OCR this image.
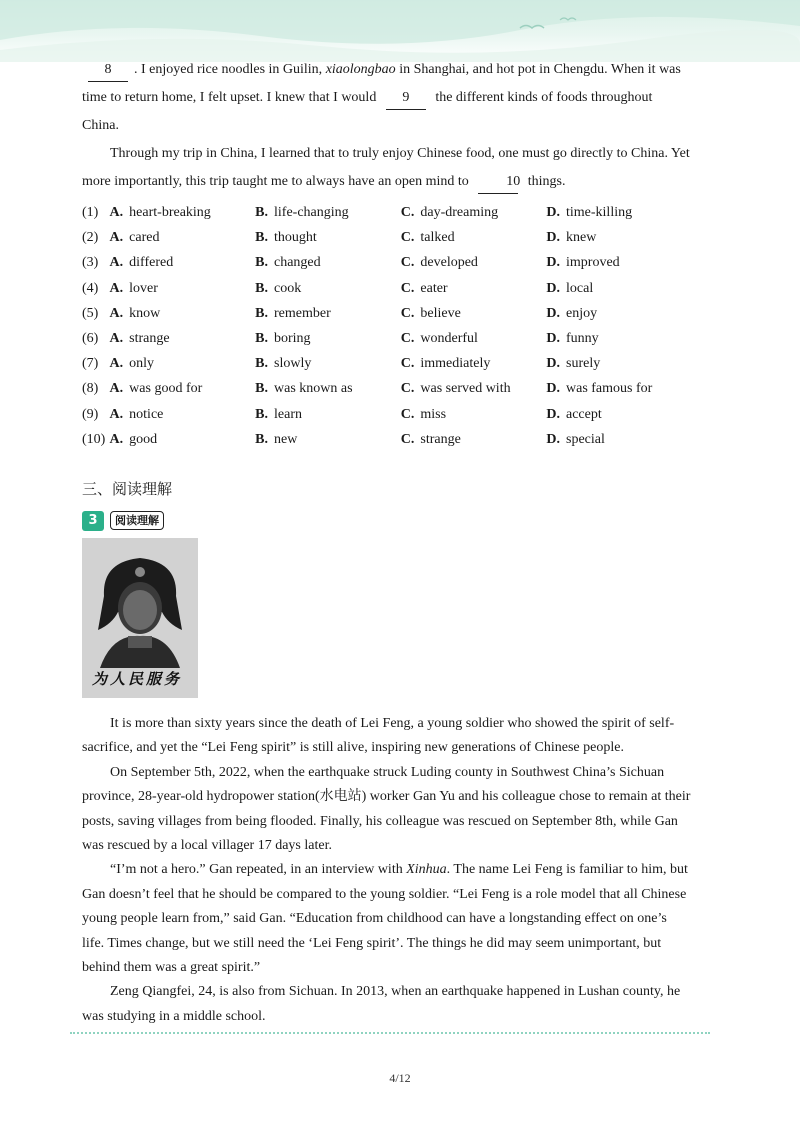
8 . I enjoyed rice noodles in Guilin, xiaolongbao in Shanghai, and hot pot in Chengdu. When it was time to return home, I felt upset. I knew that I would 9 the different kinds of foods throughout China.

Through my trip in China, I learned that to truly enjoy Chinese food, one must go directly to China. Yet more importantly, this trip taught me to always have an open mind to	10 things.

(1) A. heart-breaking	B. life-changing	C. day-dreaming	D. time-killing
(2) A. cared	B. thought	C. talked	D. knew
(3) A. differed	B. changed	C. developed	D. improved
(4) A. lover	B. cook	C. eater	D. local
(5) A. know	B. remember	C. believe	D. enjoy
(6) A. strange	B. boring	C. wonderful	D. funny
(7) A. only	B. slowly	C. immediately	D. surely
(8) A. was good for	B. was known as	C. was served with	D. was famous for
(9) A. notice	B. learn	C. miss	D. accept
(10) A. good	B. new	C. strange	D. special
三、阅读理解
3	阅读理解
为人民服务

It is more than sixty years since the death of Lei Feng, a young soldier who showed the spirit of self-sacrifice, and yet the “Lei Feng spirit” is still alive, inspiring new generations of Chinese people.

On September 5th, 2022, when the earthquake struck Luding county in Southwest China’s Sichuan province, 28-year-old hydropower station(水电站) worker Gan Yu and his colleague chose to remain at their posts, saving villages from being flooded. Finally, his colleague was rescued on September 8th, while Gan was rescued by a local villager 17 days later.

“I’m not a hero.” Gan repeated, in an interview with Xinhua. The name Lei Feng is familiar to him, but Gan doesn’t feel that he should be compared to the young soldier. “Lei Feng is a role model that all Chinese young people learn from,” said Gan. “Education from childhood can have a longstanding effect on one’s life. Times change, but we still need the ‘Lei Feng spirit’. The things he did may seem unimportant, but behind them was a great spirit.”

Zeng Qiangfei, 24, is also from Sichuan. In 2013, when an earthquake happened in Lushan county, he was studying in a middle school.

4/12
